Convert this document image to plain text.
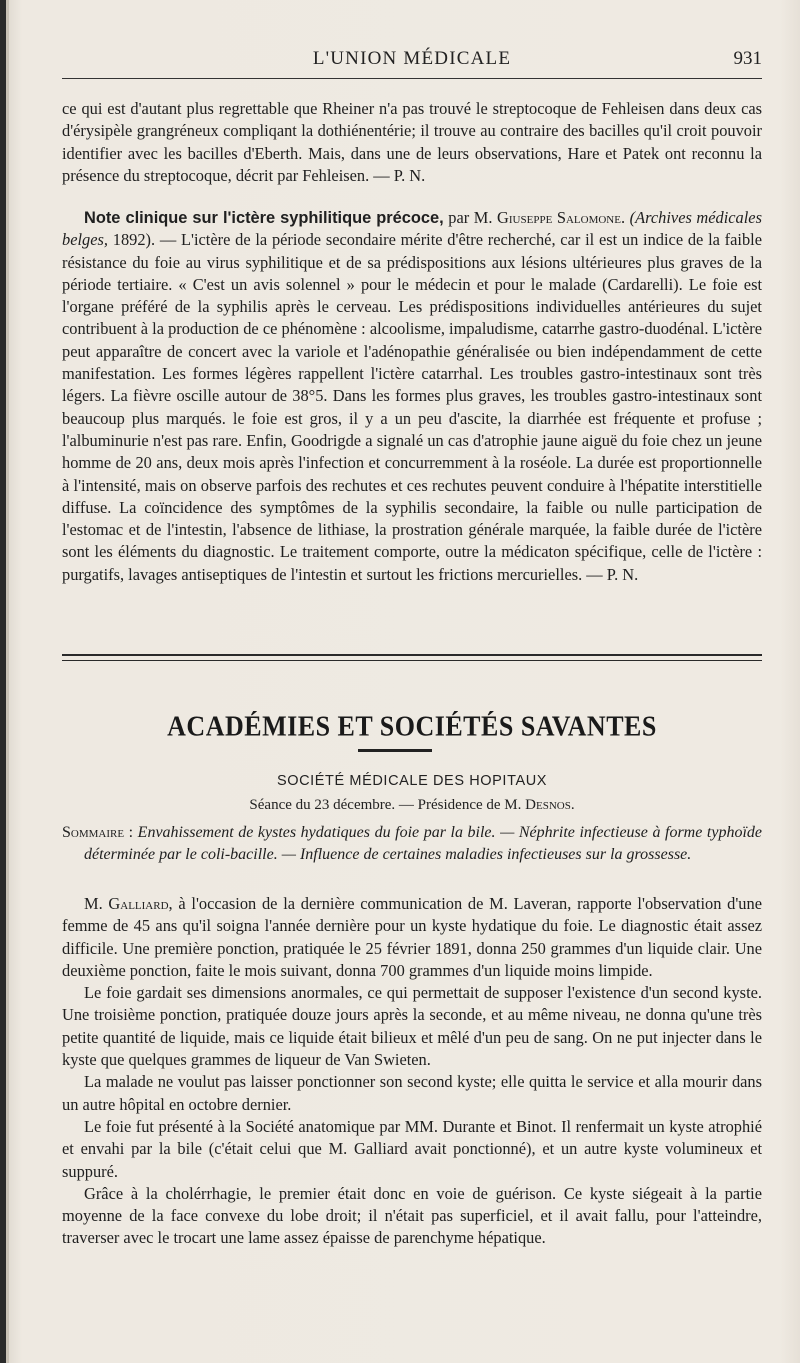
L'UNION MÉDICALE	931
ce qui est d'autant plus regrettable que Rheiner n'a pas trouvé le streptocoque de Fehleisen dans deux cas d'érysipèle grangréneux compliqant la dothiénentérie; il trouve au contraire des bacilles qu'il croit pouvoir identifier avec les bacilles d'Eberth. Mais, dans une de leurs observations, Hare et Patek ont reconnu la présence du streptocoque, décrit par Fehleisen. — P. N.
Note clinique sur l'ictère syphilitique précoce, par M. Giuseppe Salomone. (Archives médicales belges, 1892). — L'ictère de la période secondaire mérite d'être recherché, car il est un indice de la faible résistance du foie au virus syphilitique et de sa prédispositions aux lésions ultérieures plus graves de la période tertiaire. « C'est un avis solennel » pour le médecin et pour le malade (Cardarelli). Le foie est l'organe préféré de la syphilis après le cerveau. Les prédispositions individuelles antérieures du sujet contribuent à la production de ce phénomène : alcoolisme, impaludisme, catarrhe gastro-duodénal. L'ictère peut apparaître de concert avec la variole et l'adénopathie généralisée ou bien indépendamment de cette manifestation. Les formes légères rappellent l'ictère catarrhal. Les troubles gastro-intestinaux sont très légers. La fièvre oscille autour de 38°5. Dans les formes plus graves, les troubles gastro-intestinaux sont beaucoup plus marqués. le foie est gros, il y a un peu d'ascite, la diarrhée est fréquente et profuse ; l'albuminurie n'est pas rare. Enfin, Goodrigde a signalé un cas d'atrophie jaune aiguë du foie chez un jeune homme de 20 ans, deux mois après l'infection et concurremment à la roséole. La durée est proportionnelle à l'intensité, mais on observe parfois des rechutes et ces rechutes peuvent conduire à l'hépatite interstitielle diffuse. La coïncidence des symptômes de la syphilis secondaire, la faible ou nulle participation de l'estomac et de l'intestin, l'absence de lithiase, la prostration générale marquée, la faible durée de l'ictère sont les éléments du diagnostic. Le traitement comporte, outre la médicaton spécifique, celle de l'ictère : purgatifs, lavages antiseptiques de l'intestin et surtout les frictions mercurielles. — P. N.
ACADÉMIES ET SOCIÉTÉS SAVANTES
SOCIÉTÉ MÉDICALE DES HOPITAUX
Séance du 23 décembre. — Présidence de M. Desnos.
Sommaire : Envahissement de kystes hydatiques du foie par la bile. — Néphrite infectieuse à forme typhoïde déterminée par le coli-bacille. — Influence de certaines maladies infectieuses sur la grossesse.
M. Galliard, à l'occasion de la dernière communication de M. Laveran, rapporte l'observation d'une femme de 45 ans qu'il soigna l'année dernière pour un kyste hydatique du foie. Le diagnostic était assez difficile. Une première ponction, pratiquée le 25 février 1891, donna 250 grammes d'un liquide clair. Une deuxième ponction, faite le mois suivant, donna 700 grammes d'un liquide moins limpide.
Le foie gardait ses dimensions anormales, ce qui permettait de supposer l'existence d'un second kyste. Une troisième ponction, pratiquée douze jours après la seconde, et au même niveau, ne donna qu'une très petite quantité de liquide, mais ce liquide était bilieux et mêlé d'un peu de sang. On ne put injecter dans le kyste que quelques grammes de liqueur de Van Swieten.
La malade ne voulut pas laisser ponctionner son second kyste; elle quitta le service et alla mourir dans un autre hôpital en octobre dernier.
Le foie fut présenté à la Société anatomique par MM. Durante et Binot. Il renfermait un kyste atrophié et envahi par la bile (c'était celui que M. Galliard avait ponctionné), et un autre kyste volumineux et suppuré.
Grâce à la cholérrhagie, le premier était donc en voie de guérison. Ce kyste siégeait à la partie moyenne de la face convexe du lobe droit; il n'était pas superficiel, et il avait fallu, pour l'atteindre, traverser avec le trocart une lame assez épaisse de parenchyme hépatique.
